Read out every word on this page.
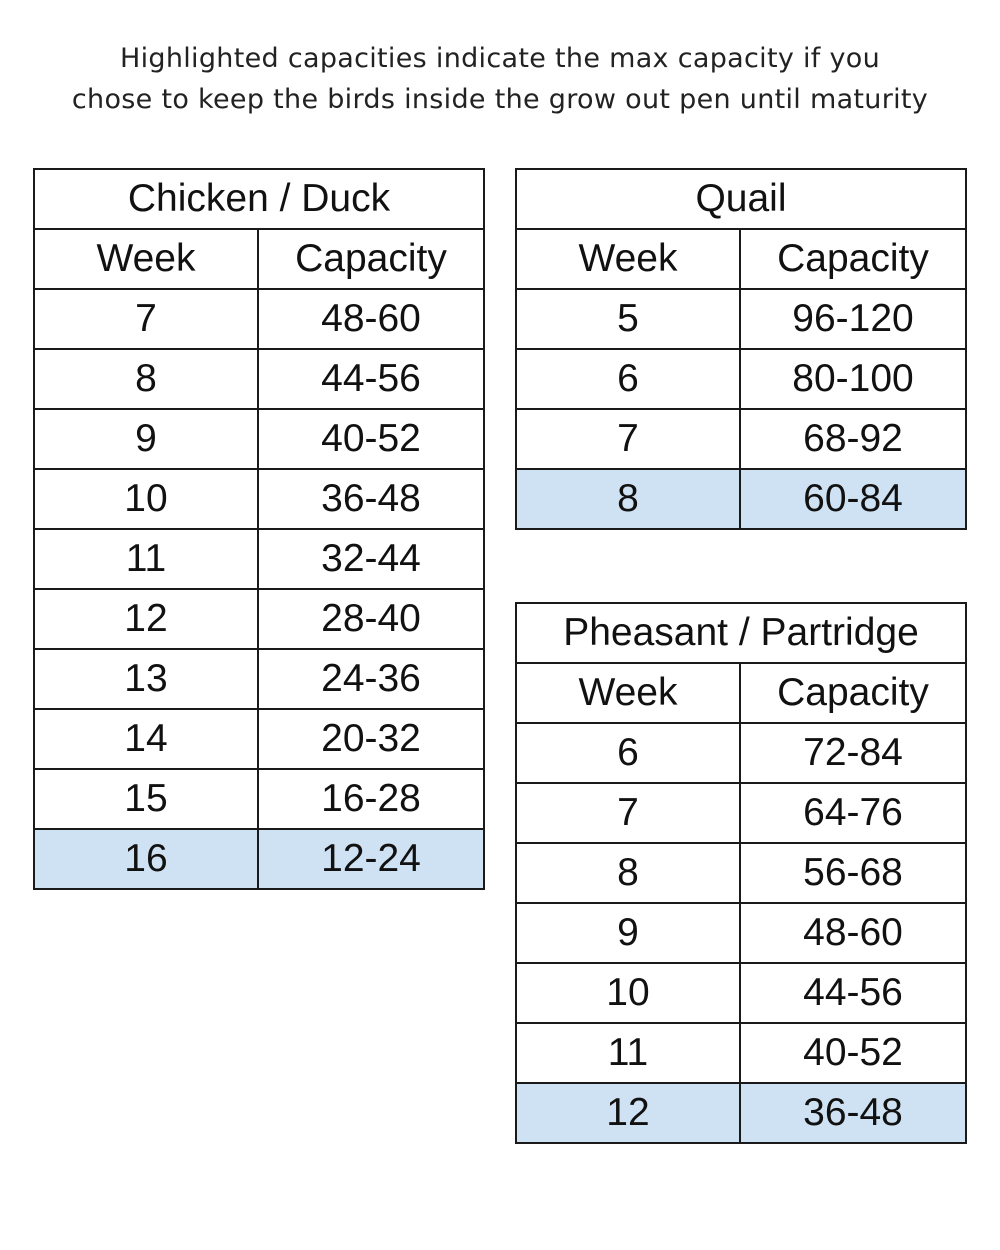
Highlighted capacities indicate the max capacity if you
chose to keep the birds inside the grow out pen until maturity
Chicken / Duck	
Week	Capacity
7	48-60
8	44-56
9	40-52
10	36-48
11	32-44
12	28-40
13	24-36
14	20-32
15	16-28
16	12-24
Quail	
Week	Capacity
5	96-120
6	80-100
7	68-92
8	60-84
Pheasant / Partridge	
Week	Capacity
6	72-84
7	64-76
8	56-68
9	48-60
10	44-56
11	40-52
12	36-48
